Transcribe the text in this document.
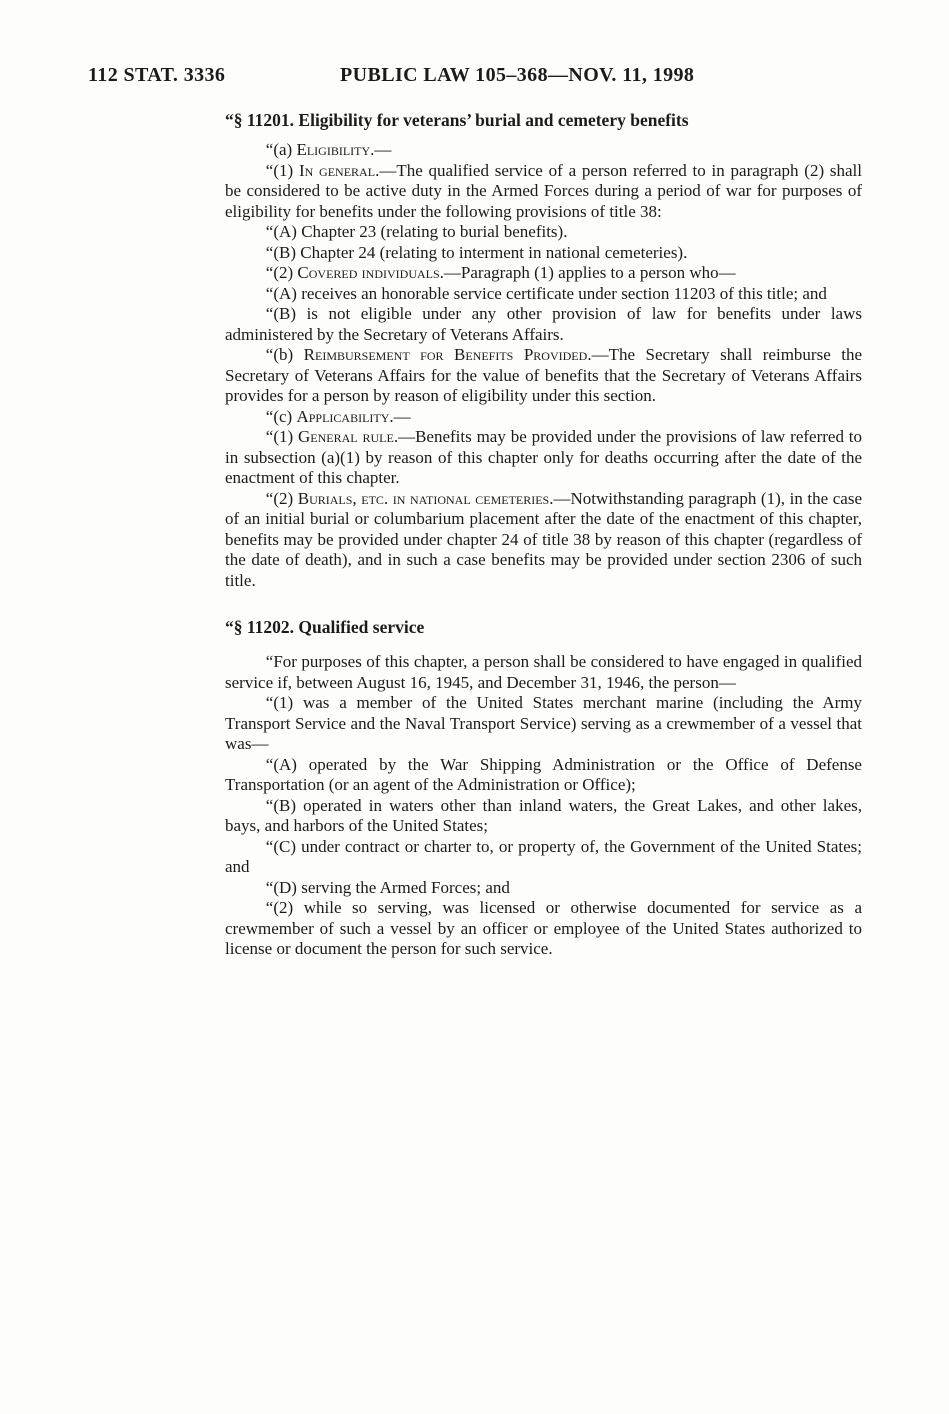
112 STAT. 3336	PUBLIC LAW 105–368—NOV. 11, 1998
“§ 11201. Eligibility for veterans’ burial and cemetery benefits

“(a) Eligibility.—

“(1) In general.—The qualified service of a person referred to in paragraph (2) shall be considered to be active duty in the Armed Forces during a period of war for purposes of eligibility for benefits under the following provisions of title 38:

“(A) Chapter 23 (relating to burial benefits).

“(B) Chapter 24 (relating to interment in national cemeteries).

“(2) Covered individuals.—Paragraph (1) applies to a person who—

“(A) receives an honorable service certificate under section 11203 of this title; and

“(B) is not eligible under any other provision of law for benefits under laws administered by the Secretary of Veterans Affairs.

“(b) Reimbursement for Benefits Provided.—The Secretary shall reimburse the Secretary of Veterans Affairs for the value of benefits that the Secretary of Veterans Affairs provides for a person by reason of eligibility under this section.

“(c) Applicability.—

“(1) General rule.—Benefits may be provided under the provisions of law referred to in subsection (a)(1) by reason of this chapter only for deaths occurring after the date of the enactment of this chapter.

“(2) Burials, etc. in national cemeteries.—Notwithstanding paragraph (1), in the case of an initial burial or columbarium placement after the date of the enactment of this chapter, benefits may be provided under chapter 24 of title 38 by reason of this chapter (regardless of the date of death), and in such a case benefits may be provided under section 2306 of such title.

“§ 11202. Qualified service

“For purposes of this chapter, a person shall be considered to have engaged in qualified service if, between August 16, 1945, and December 31, 1946, the person—

“(1) was a member of the United States merchant marine (including the Army Transport Service and the Naval Transport Service) serving as a crewmember of a vessel that was—

“(A) operated by the War Shipping Administration or the Office of Defense Transportation (or an agent of the Administration or Office);

“(B) operated in waters other than inland waters, the Great Lakes, and other lakes, bays, and harbors of the United States;

“(C) under contract or charter to, or property of, the Government of the United States; and

“(D) serving the Armed Forces; and

“(2) while so serving, was licensed or otherwise documented for service as a crewmember of such a vessel by an officer or employee of the United States authorized to license or document the person for such service.
